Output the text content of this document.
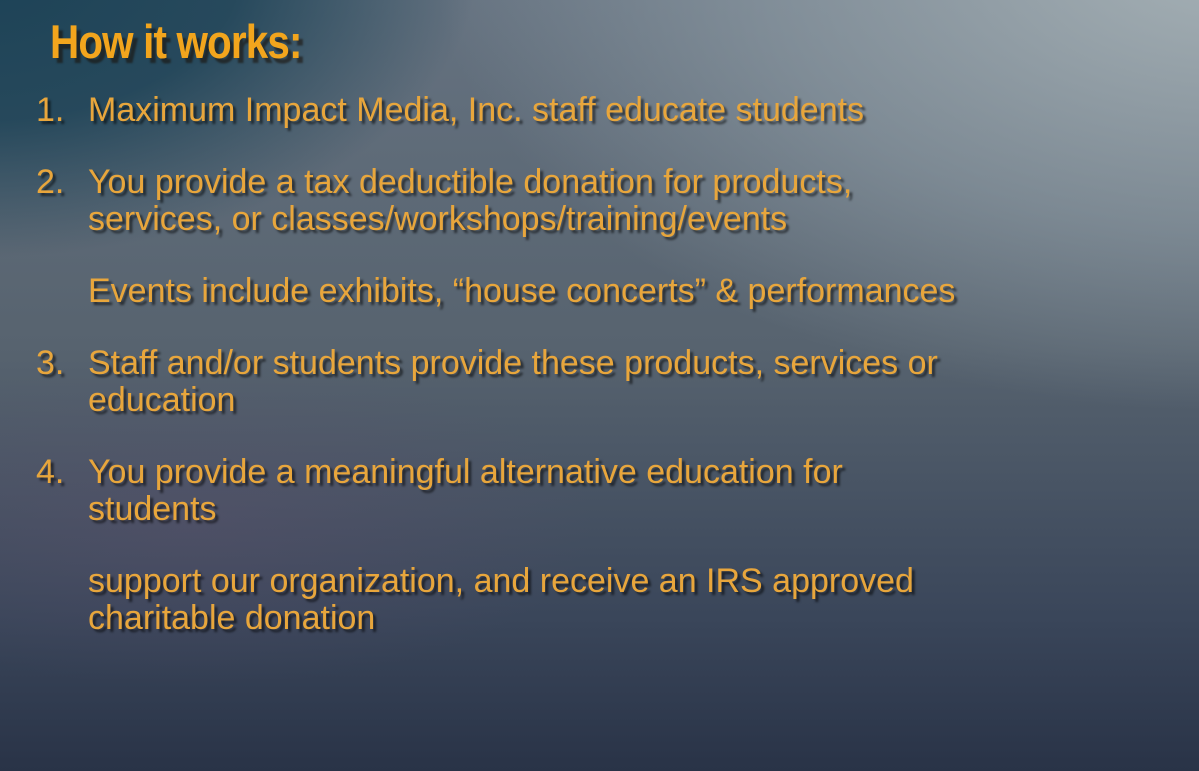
How it works:
1. Maximum Impact Media, Inc. staff educate students
2. You provide a tax deductible donation for products,
services, or classes/workshops/training/events
Events include exhibits, “house concerts” & performances
3. Staff and/or students provide these products, services or
education
4. You provide a meaningful alternative education for
students
support our organization, and receive an IRS approved
charitable donation
